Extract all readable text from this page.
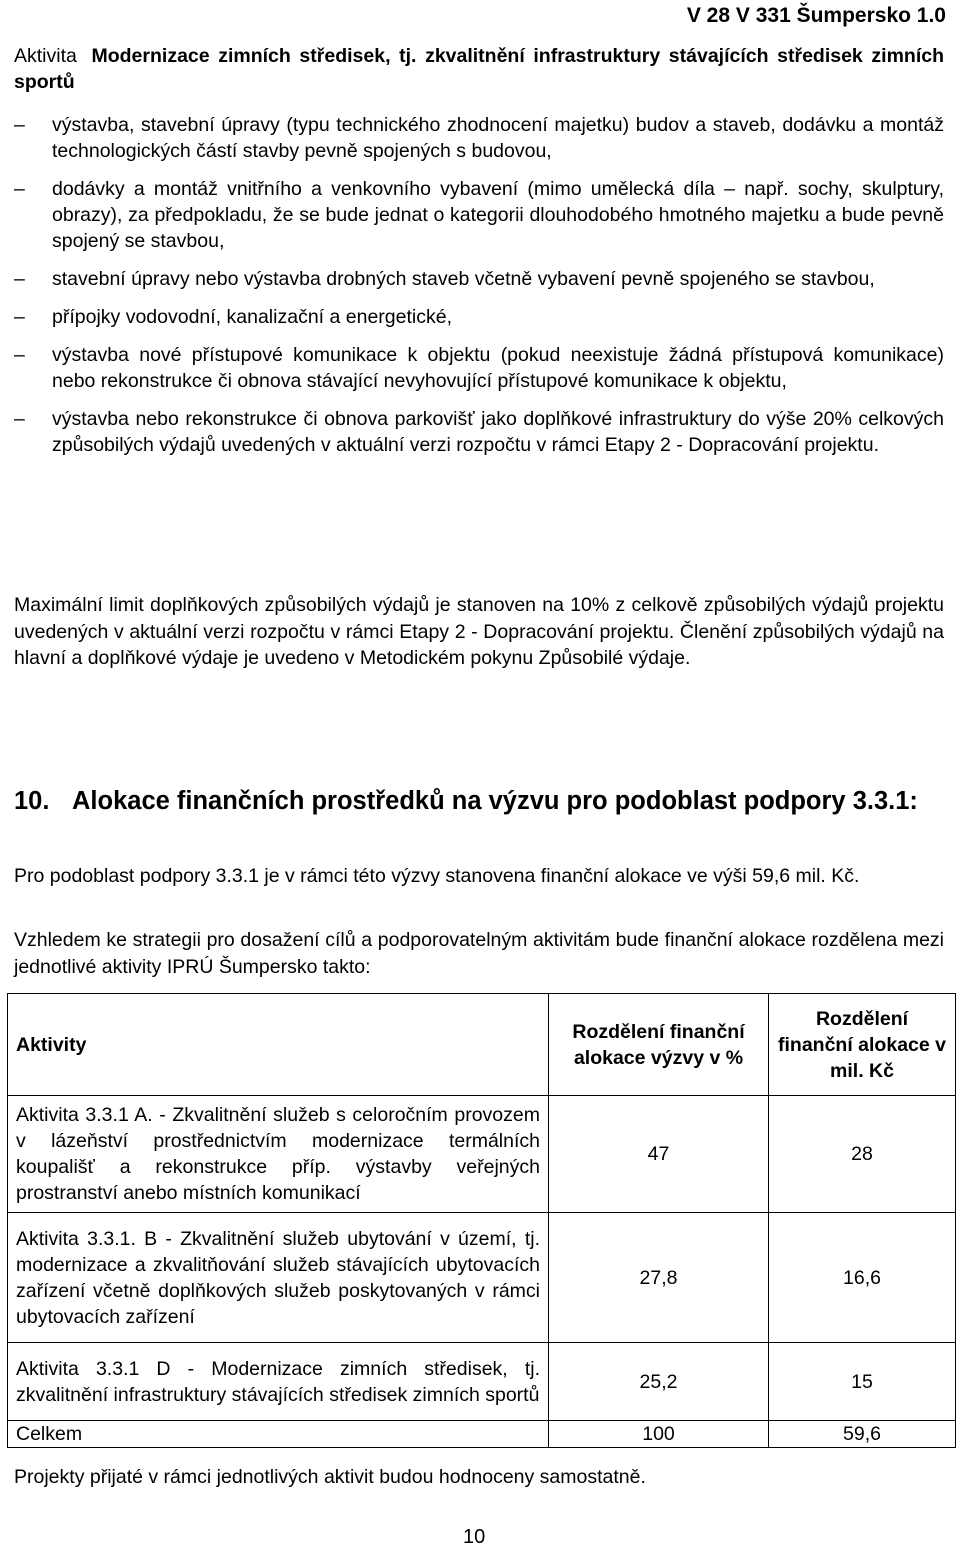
V 28 V 331 Šumpersko 1.0
Aktivita Modernizace zimních středisek, tj. zkvalitnění infrastruktury stávajících středisek zimních sportů
– výstavba, stavební úpravy (typu technického zhodnocení majetku) budov a staveb, dodávku a montáž technologických částí stavby pevně spojených s budovou,
– dodávky a montáž vnitřního a venkovního vybavení (mimo umělecká díla – např. sochy, skulptury, obrazy), za předpokladu, že se bude jednat o kategorii dlouhodobého hmotného majetku a bude pevně spojený se stavbou,
– stavební úpravy nebo výstavba drobných staveb včetně vybavení pevně spojeného se stavbou,
– přípojky vodovodní, kanalizační a energetické,
– výstavba nové přístupové komunikace k objektu (pokud neexistuje žádná přístupová komunikace) nebo rekonstrukce či obnova stávající nevyhovující přístupové komunikace k objektu,
– výstavba nebo rekonstrukce či obnova parkovišť jako doplňkové infrastruktury do výše 20% celkových způsobilých výdajů uvedených v aktuální verzi rozpočtu v rámci Etapy 2 - Dopracování projektu.

Maximální limit doplňkových způsobilých výdajů je stanoven na 10% z celkově způsobilých výdajů projektu uvedených v aktuální verzi rozpočtu v rámci Etapy 2 - Dopracování projektu. Členění způsobilých výdajů na hlavní a doplňkové výdaje je uvedeno v Metodickém pokynu Způsobilé výdaje.

10. Alokace finančních prostředků na výzvu pro podoblast podpory 3.3.1:

Pro podoblast podpory 3.3.1 je v rámci této výzvy stanovena finanční alokace ve výši 59,6 mil. Kč.

Vzhledem ke strategii pro dosažení cílů a podporovatelným aktivitám bude finanční alokace rozdělena mezi jednotlivé aktivity IPRÚ Šumpersko takto:

Aktivity	Rozdělení finanční alokace výzvy v %	Rozdělení finanční alokace v mil. Kč
Aktivita 3.3.1 A. - Zkvalitnění služeb s celoročním provozem v lázeňství prostřednictvím modernizace termálních koupališť a rekonstrukce příp. výstavby veřejných prostranství anebo místních komunikací	47	28
Aktivita 3.3.1. B - Zkvalitnění služeb ubytování v území, tj. modernizace a zkvalitňování služeb stávajících ubytovacích zařízení včetně doplňkových služeb poskytovaných v rámci ubytovacích zařízení	27,8	16,6
Aktivita 3.3.1 D - Modernizace zimních středisek, tj. zkvalitnění infrastruktury stávajících středisek zimních sportů	25,2	15
Celkem	100	59,6
Projekty přijaté v rámci jednotlivých aktivit budou hodnoceny samostatně.
10
